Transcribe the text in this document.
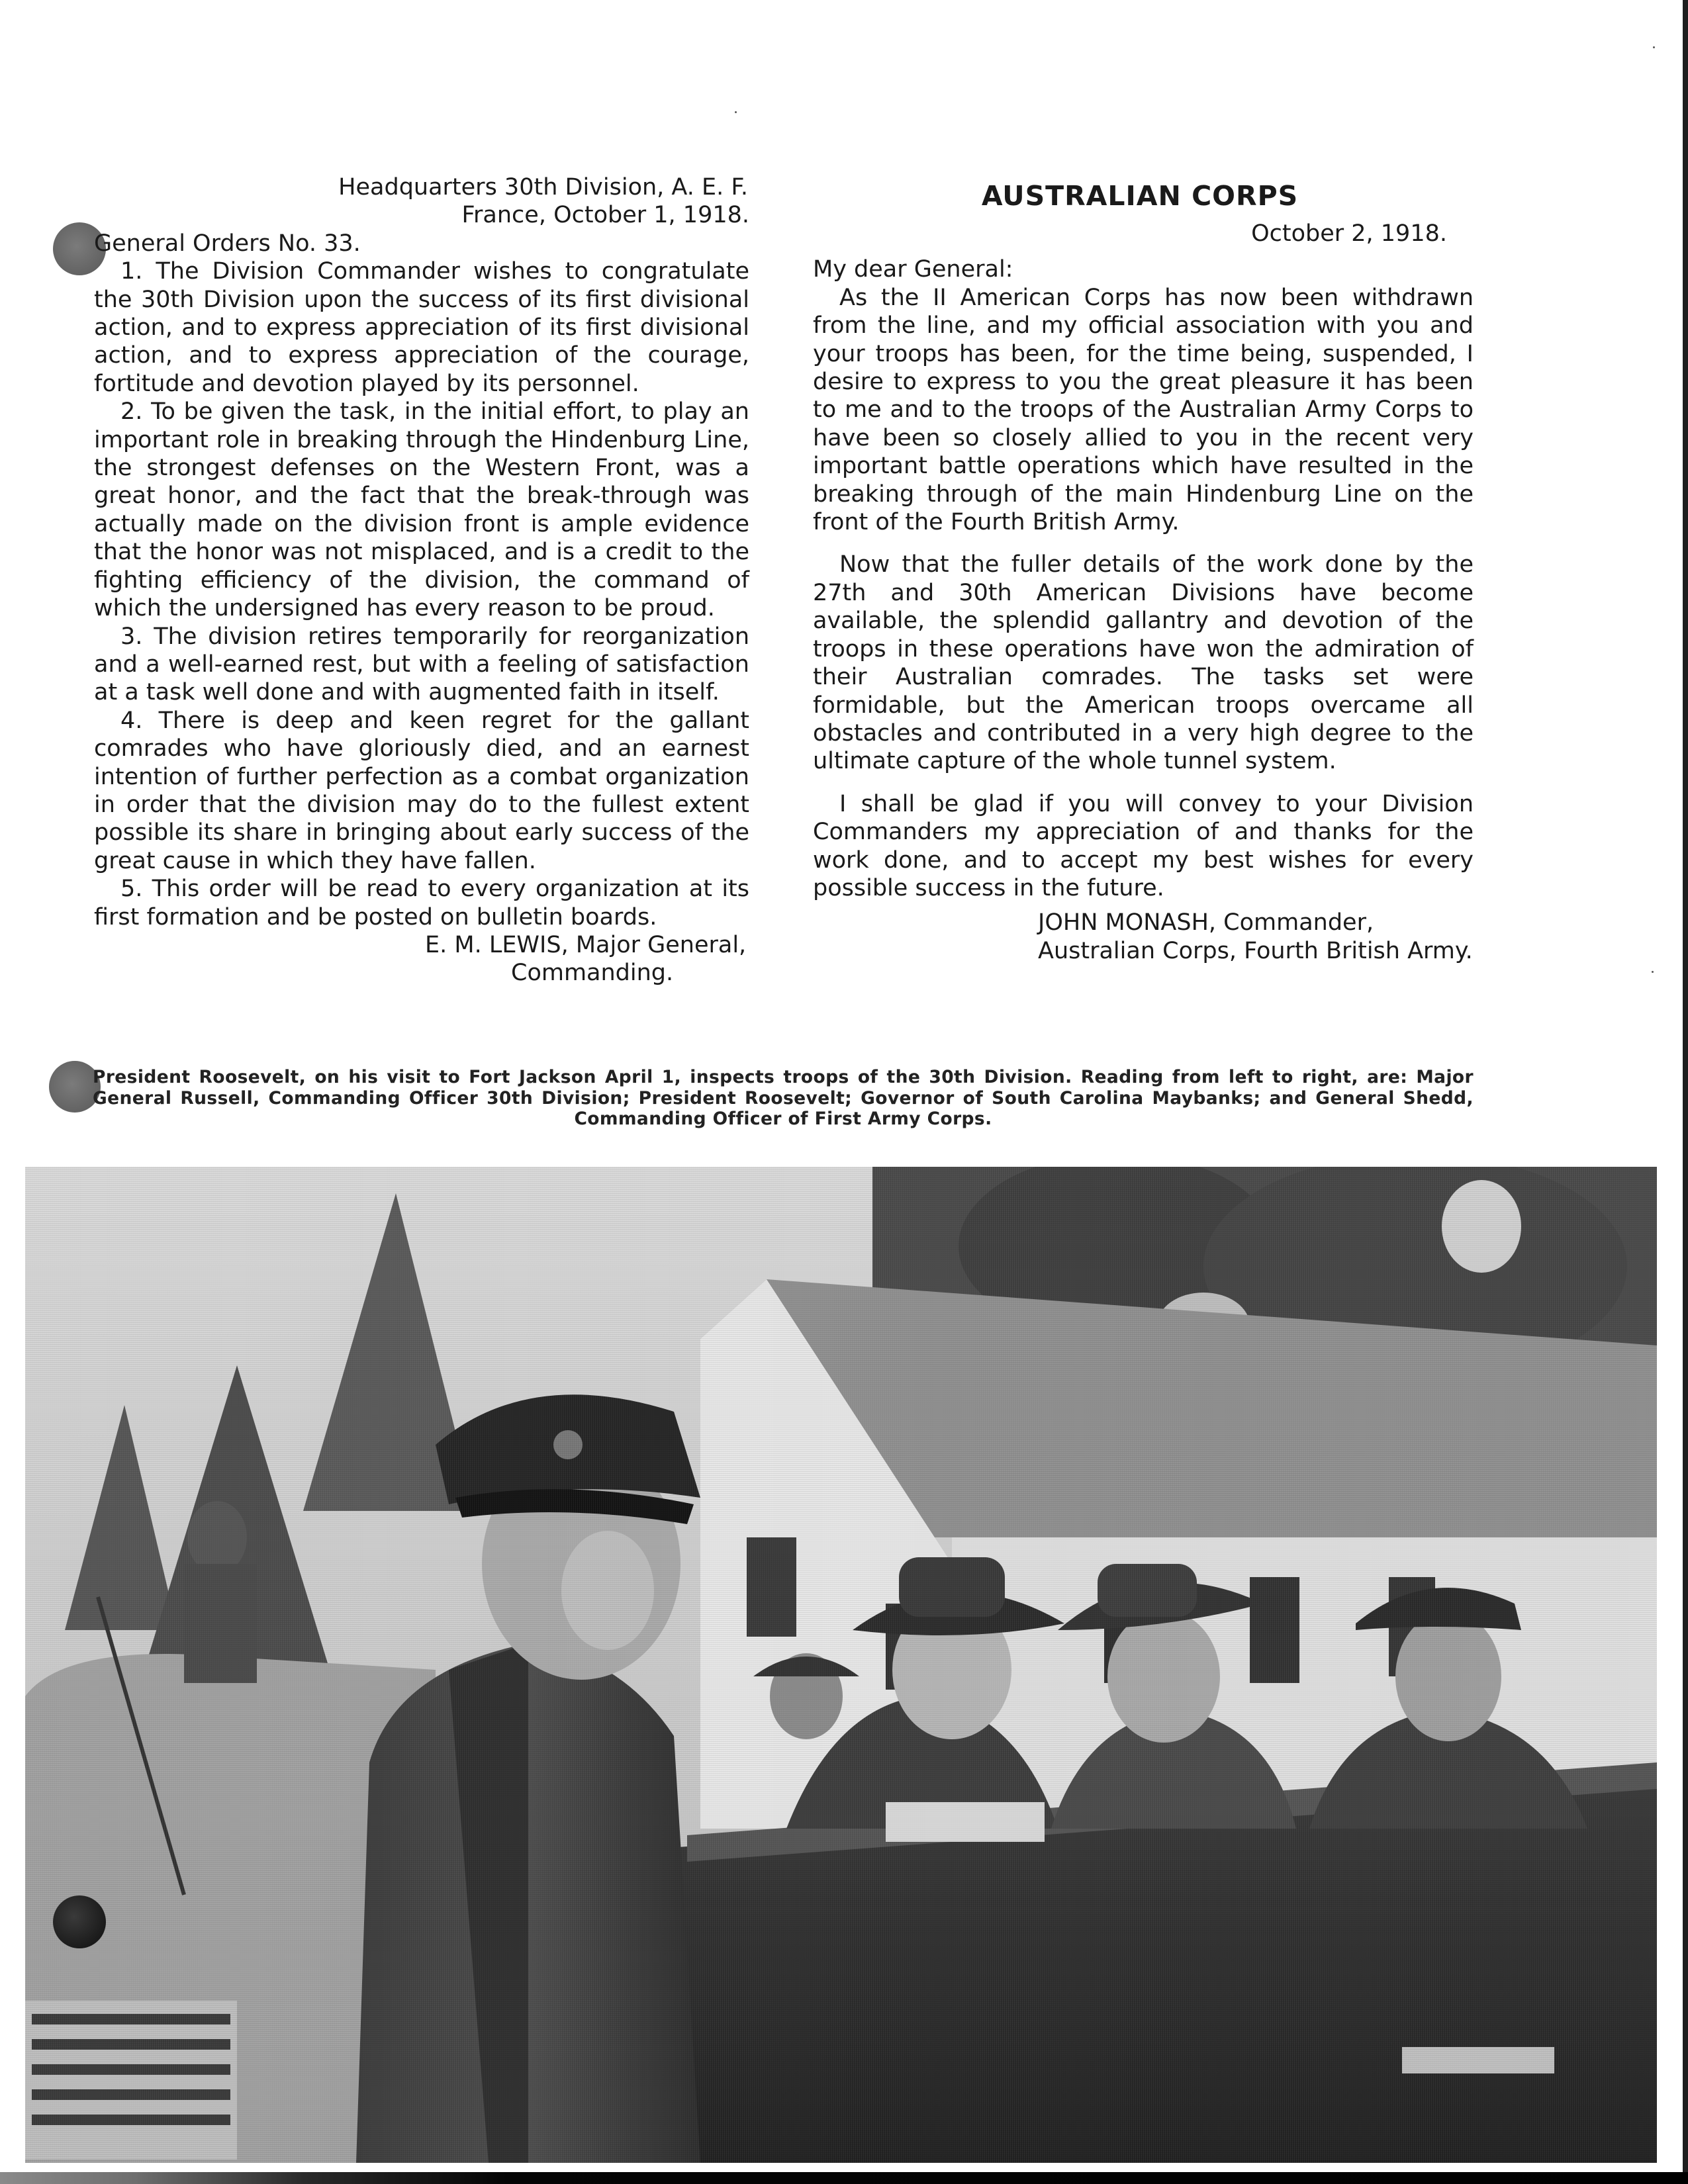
Headquarters 30th Division, A. E. F.
France, October 1, 1918.

General Orders No. 33.

1. The Division Commander wishes to congratulate the 30th Division upon the success of its first divisional action, and to express appreciation of its first divisional action, and to express appreciation of the courage, fortitude and devotion played by its personnel.

2. To be given the task, in the initial effort, to play an important role in breaking through the Hindenburg Line, the strongest defenses on the Western Front, was a great honor, and the fact that the break-through was actually made on the division front is ample evidence that the honor was not misplaced, and is a credit to the fighting efficiency of the division, the command of which the undersigned has every reason to be proud.

3. The division retires temporarily for reorganization and a well-earned rest, but with a feeling of satisfaction at a task well done and with augmented faith in itself.

4. There is deep and keen regret for the gallant comrades who have gloriously died, and an earnest intention of further perfection as a combat organization in order that the division may do to the fullest extent possible its share in bringing about early success of the great cause in which they have fallen.

5. This order will be read to every organization at its first formation and be posted on bulletin boards.

E. M. LEWIS, Major General,
Commanding.
AUSTRALIAN CORPS
October 2, 1918.

My dear General:

As the II American Corps has now been withdrawn from the line, and my official association with you and your troops has been, for the time being, suspended, I desire to express to you the great pleasure it has been to me and to the troops of the Australian Army Corps to have been so closely allied to you in the recent very important battle operations which have resulted in the breaking through of the main Hindenburg Line on the front of the Fourth British Army.

Now that the fuller details of the work done by the 27th and 30th American Divisions have become available, the splendid gallantry and devotion of the troops in these operations have won the admiration of their Australian comrades. The tasks set were formidable, but the American troops overcame all obstacles and contributed in a very high degree to the ultimate capture of the whole tunnel system.

I shall be glad if you will convey to your Division Commanders my appreciation of and thanks for the work done, and to accept my best wishes for every possible success in the future.

JOHN MONASH, Commander,
Australian Corps, Fourth British Army.

President Roosevelt, on his visit to Fort Jackson April 1, inspects troops of the 30th Division. Reading from left to right, are: Major General Russell, Commanding Officer 30th Division; President Roosevelt; Governor of South Carolina Maybanks; and General Shedd, Commanding Officer of First Army Corps.
